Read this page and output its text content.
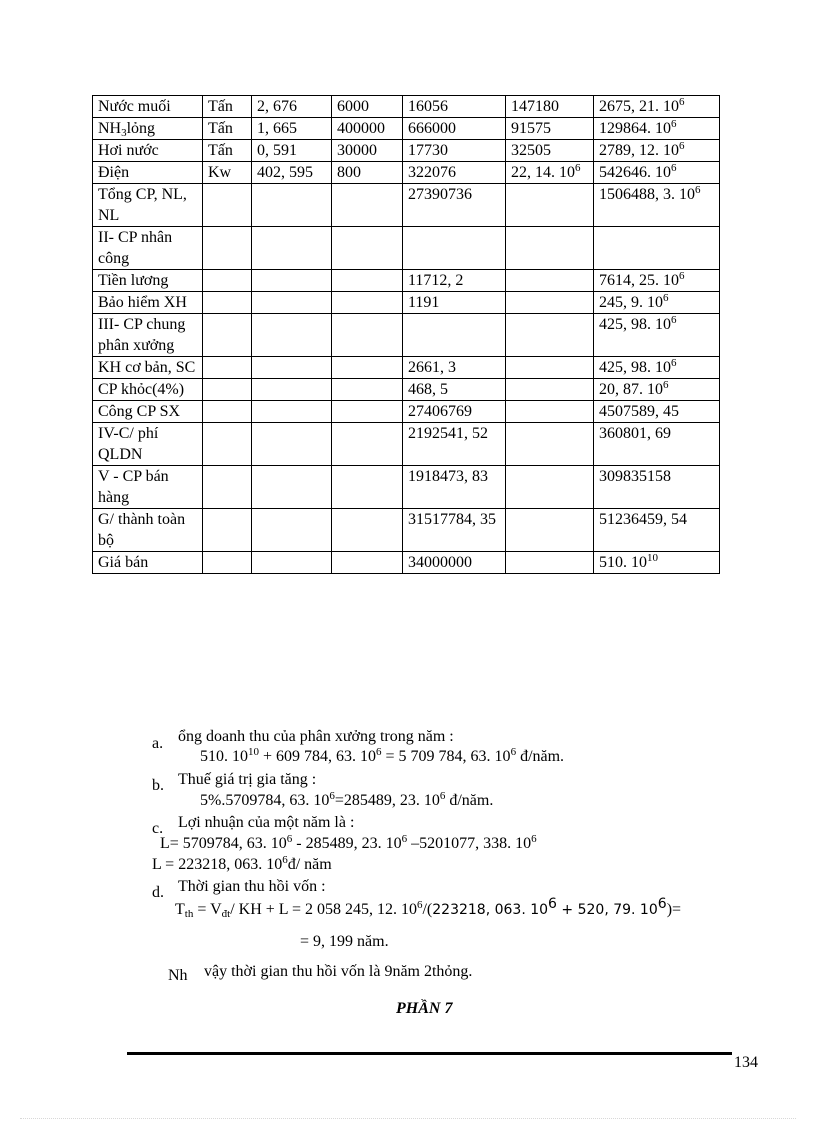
Nước muối	Tấn	2, 676	6000	16056	147180	2675, 21. $10^6$
$NH_3lỏng$	Tấn	1, 665	400000	666000	91575	129864. $10^6$
Hơi nước	Tấn	0, 591	30000	17730	32505	2789, 12. $10^6$
Điện	Kw	402, 595	800	322076	22, 14. $10^6$	542646. $10^6$
Tổng CP, NL, NL				27390736		1506488, 3. $10^6$
II- CP nhân công						
Tiền lương				11712, 2		7614, 25. $10^6$
Bảo hiểm XH				1191		245, 9. $10^6$
III- CP chung phân xưởng						425, 98. $10^6$
KH cơ bản, SC				2661, 3		425, 98. $10^6$
CP khỏc(4%)				468, 5		20, 87. $10^6$
Công CP SX				27406769		4507589, 45
IV-C/ phí QLDN				2192541, 52		360801, 69
V - CP bán hàng				1918473, 83		309835158
G/ thành toàn bộ				31517784, 35		51236459, 54
Giá bán				34000000		510. $10^{10}$
a. ổng doanh thu của phân xưởng trong năm :
510. $10^{10} + 609$ 784, 63. $10^6 = 5$ 709 784, 63. $10^6$ đ/năm.
b. Thuế giá trị gia tăng :
5%.5709784, 63. $10^6=285489$, 23. $10^6$ đ/năm.
c. Lợi nhuận của một năm là :
L= 5709784, 63. $10^6 - 285489$, 23. $10^6$ –5201077, 338. $10^6$
L = 223218, 063. $10^6đ/$ năm
d. Thời gian thu hồi vốn :
$T_{th} = V_{đt}/$ KH + L = 2 058 245, 12. $10^6/(223218$, 063. $10^6 + 520$, 79. $10^6)=$
= 9, 199 năm.
Nh vậy thời gian thu hồi vốn là 9năm 2thỏng.
PHẦN 7
134
